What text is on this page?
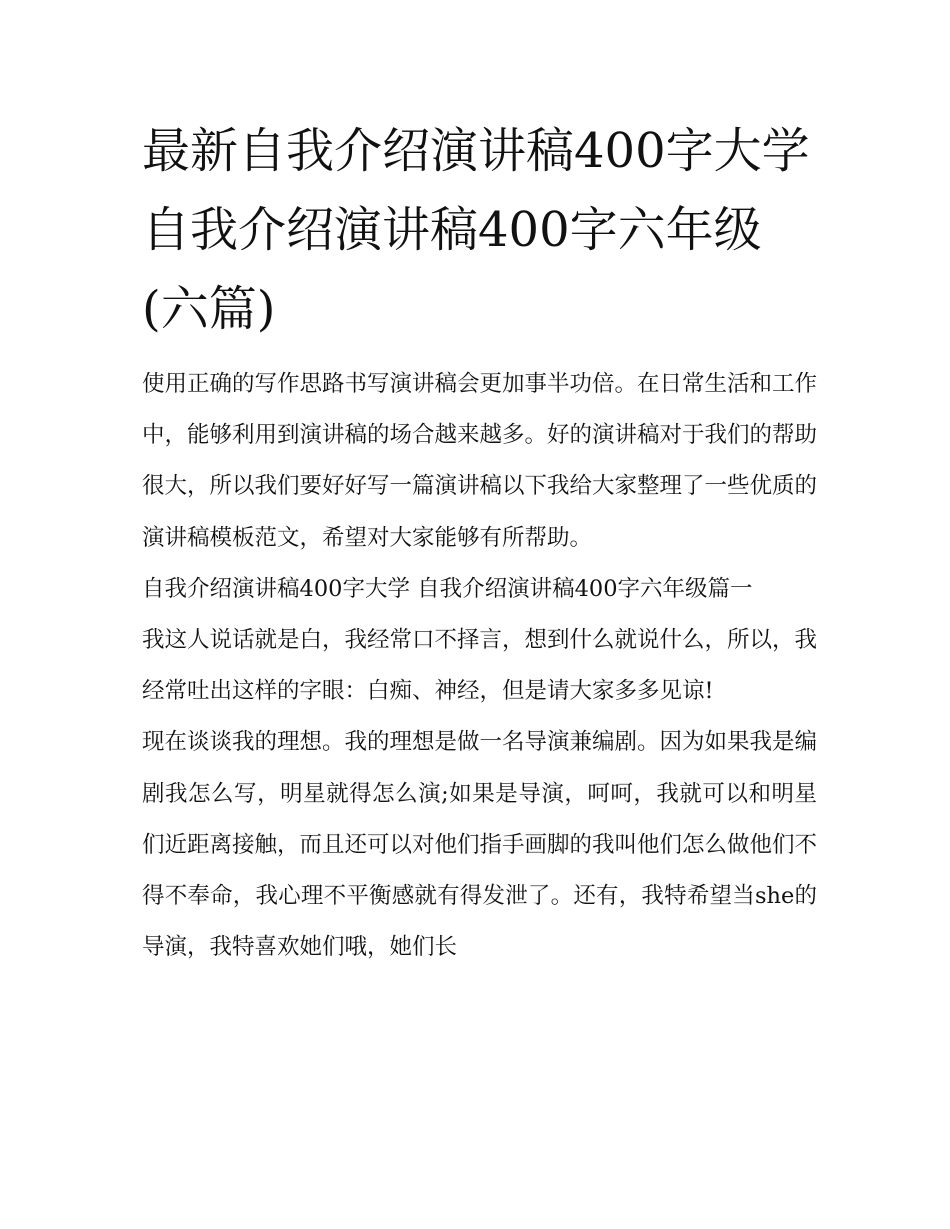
最新自我介绍演讲稿400字大学 自我介绍演讲稿400字六年级(六篇)

使用正确的写作思路书写演讲稿会更加事半功倍。在日常生活和工作中，能够利用到演讲稿的场合越来越多。好的演讲稿对于我们的帮助很大，所以我们要好好写一篇演讲稿以下我给大家整理了一些优质的演讲稿模板范文，希望对大家能够有所帮助。

自我介绍演讲稿400字大学 自我介绍演讲稿400字六年级篇一

我这人说话就是白，我经常口不择言，想到什么就说什么，所以，我经常吐出这样的字眼：白痴、神经，但是请大家多多见谅!

现在谈谈我的理想。我的理想是做一名导演兼编剧。因为如果我是编剧我怎么写，明星就得怎么演;如果是导演，呵呵，我就可以和明星们近距离接触，而且还可以对他们指手画脚的我叫他们怎么做他们不得不奉命，我心理不平衡感就有得发泄了。还有，我特希望当she的导演，我特喜欢她们哦，她们长
